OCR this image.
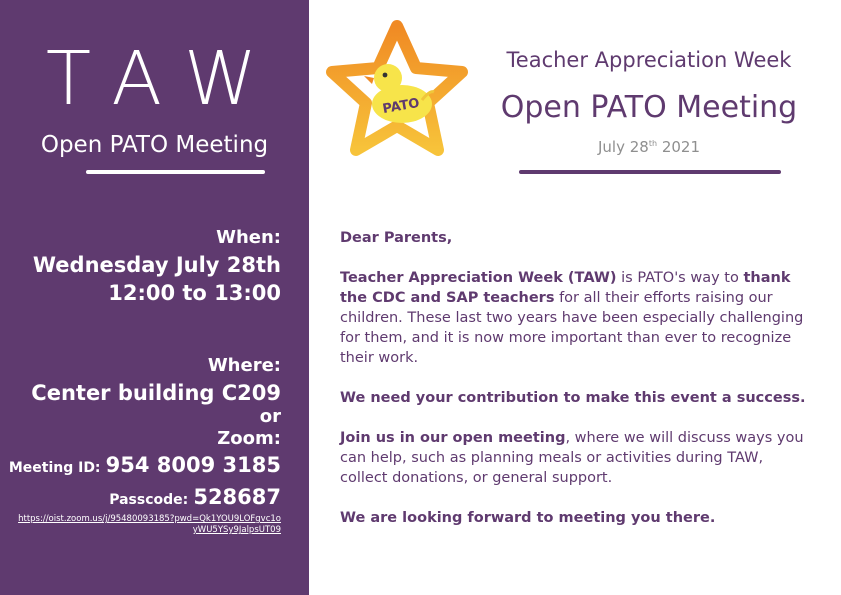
TAW
Open PATO Meeting
When:
Wednesday July 28th
12:00 to 13:00
Where:
Center building C209
or
Zoom:
Meeting ID: 954 8009 3185
Passcode: 528687
https://oist.zoom.us/j/95480093185?pwd=Qk1YOU9LOFgvc1oyWU5YSy9JalpsUT09
PATO
Teacher Appreciation Week
Open PATO Meeting
July 28th 2021

Dear Parents,

Teacher Appreciation Week (TAW) is PATO's way to thank the CDC and SAP teachers for all their efforts raising our children. These last two years have been especially challenging for them, and it is now more important than ever to recognize their work.

We need your contribution to make this event a success.

Join us in our open meeting, where we will discuss ways you can help, such as planning meals or activities during TAW, collect donations, or general support.

We are looking forward to meeting you there.
